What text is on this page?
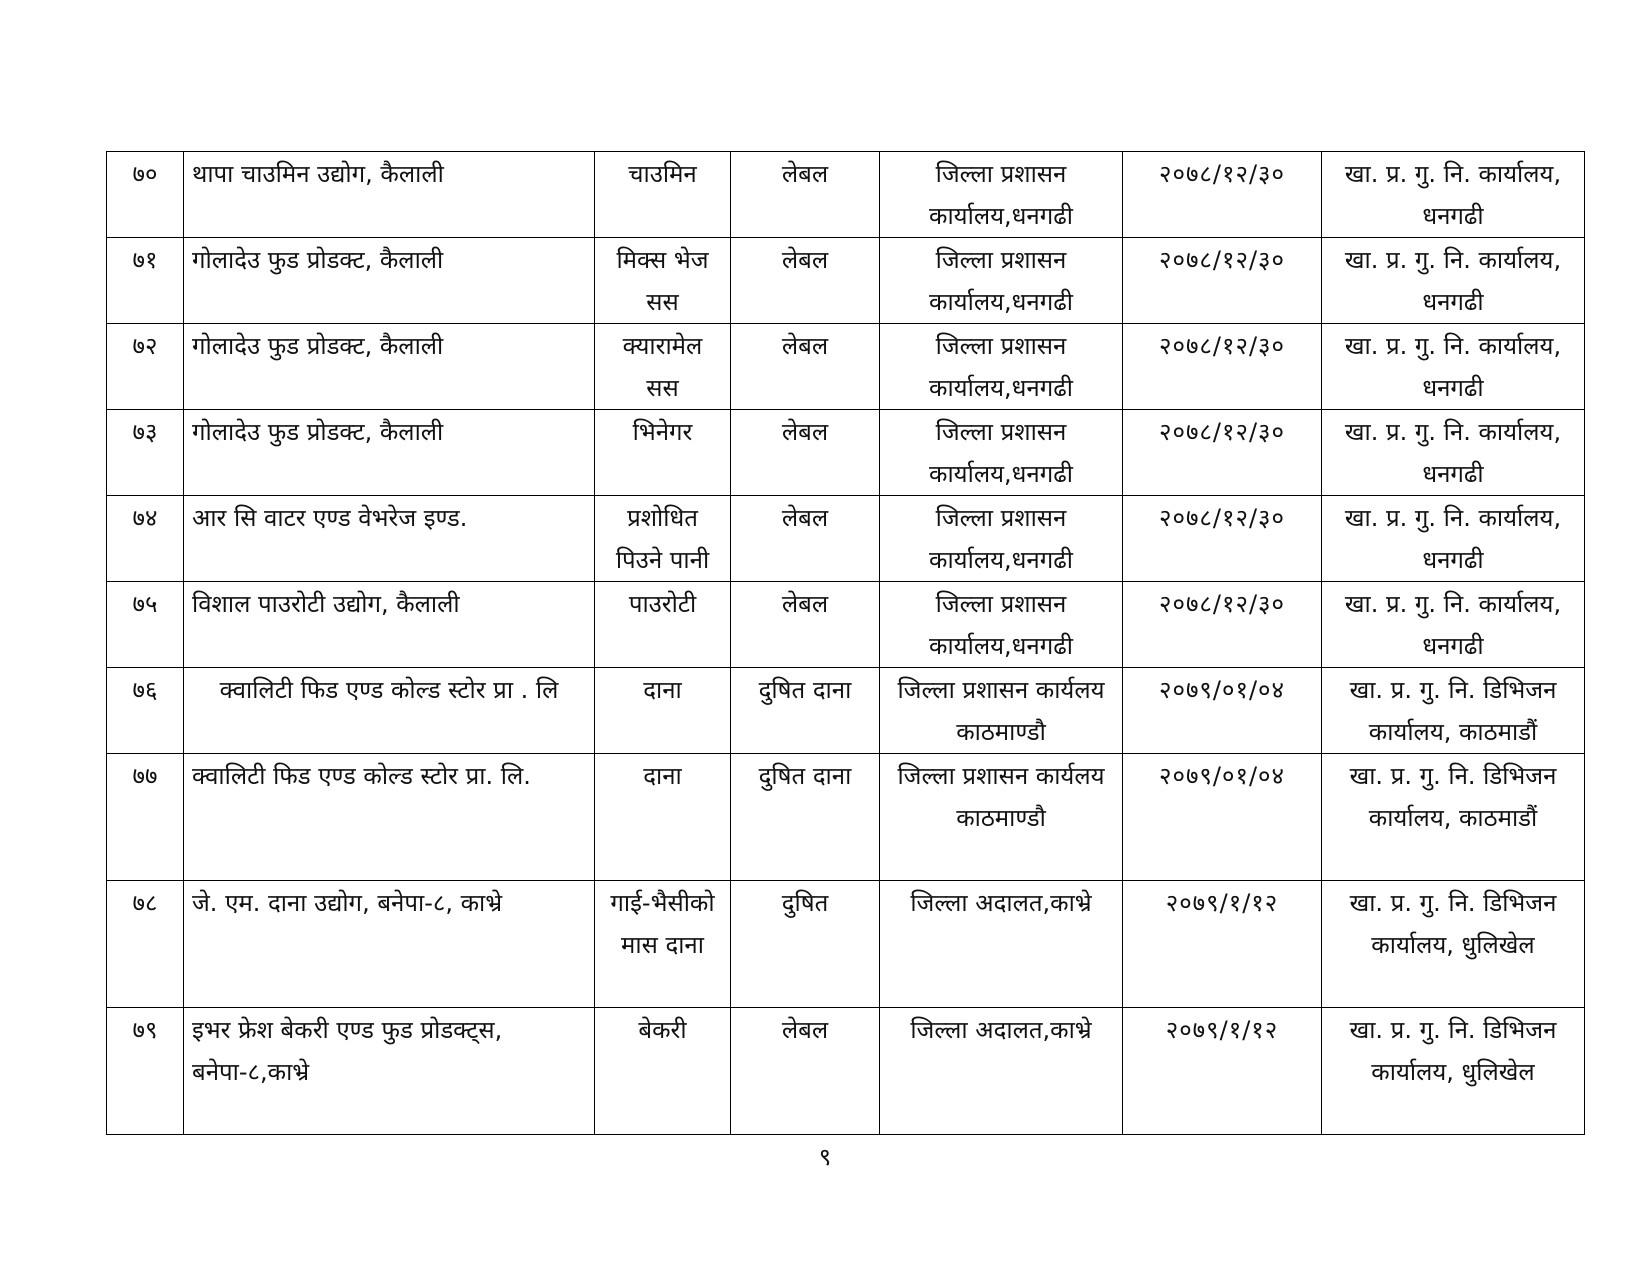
७०	थापा चाउमिन उद्योग, कैलाली	चाउमिन	लेबल	जिल्ला प्रशासन कार्यालय,धनगढी	२०७८/१२/३०	खा. प्र. गु. नि. कार्यालय, धनगढी
७१	गोलादेउ फुड प्रोडक्ट, कैलाली	मिक्स भेज सस	लेबल	जिल्ला प्रशासन कार्यालय,धनगढी	२०७८/१२/३०	खा. प्र. गु. नि. कार्यालय, धनगढी
७२	गोलादेउ फुड प्रोडक्ट, कैलाली	क्यारामेल सस	लेबल	जिल्ला प्रशासन कार्यालय,धनगढी	२०७८/१२/३०	खा. प्र. गु. नि. कार्यालय, धनगढी
७३	गोलादेउ फुड प्रोडक्ट, कैलाली	भिनेगर	लेबल	जिल्ला प्रशासन कार्यालय,धनगढी	२०७८/१२/३०	खा. प्र. गु. नि. कार्यालय, धनगढी
७४	आर सि वाटर एण्ड वेभरेज इण्ड.	प्रशोधित पिउने पानी	लेबल	जिल्ला प्रशासन कार्यालय,धनगढी	२०७८/१२/३०	खा. प्र. गु. नि. कार्यालय, धनगढी
७५	विशाल पाउरोटी उद्योग, कैलाली	पाउरोटी	लेबल	जिल्ला प्रशासन कार्यालय,धनगढी	२०७८/१२/३०	खा. प्र. गु. नि. कार्यालय, धनगढी
७६	क्वालिटी फिड एण्ड कोल्ड स्टोर प्रा . लि	दाना	दुषित दाना	जिल्ला प्रशासन कार्यलय काठमाण्डौ	२०७९/०१/०४	खा. प्र. गु. नि. डिभिजन कार्यालय, काठमाडौं
७७	क्वालिटी फिड एण्ड कोल्ड स्टोर प्रा. लि.	दाना	दुषित दाना	जिल्ला प्रशासन कार्यलय काठमाण्डौ	२०७९/०१/०४	खा. प्र. गु. नि. डिभिजन कार्यालय, काठमाडौं
७८	जे. एम. दाना उद्योग, बनेपा-८, काभ्रे	गाई-भैसीको मास दाना	दुषित	जिल्ला अदालत,काभ्रे	२०७९/१/१२	खा. प्र. गु. नि. डिभिजन कार्यालय, धुलिखेल
७९	इभर फ्रेश बेकरी एण्ड फुड प्रोडक्ट्स, बनेपा-८,काभ्रे	बेकरी	लेबल	जिल्ला अदालत,काभ्रे	२०७९/१/१२	खा. प्र. गु. नि. डिभिजन कार्यालय, धुलिखेल
९
